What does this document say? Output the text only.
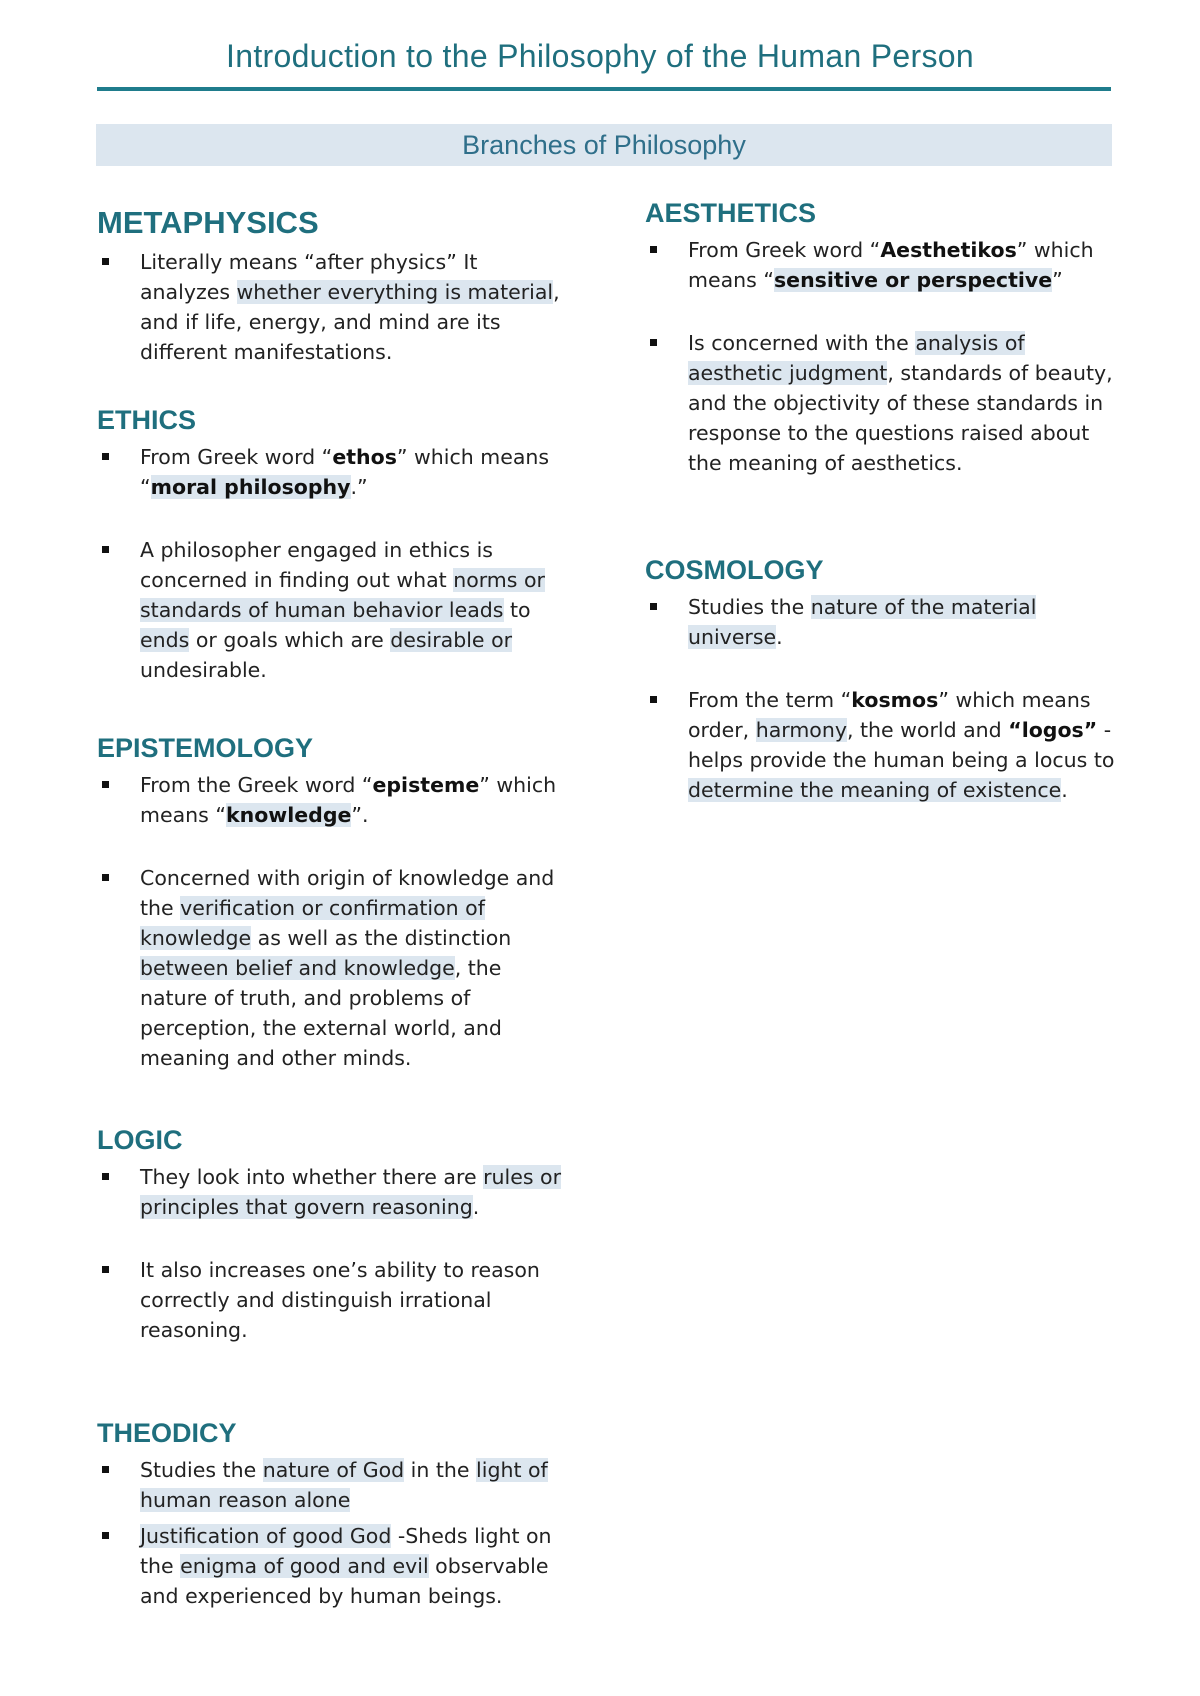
Introduction to the Philosophy of the Human Person
Branches of Philosophy
METAPHYSICS
Literally means “after physics” It analyzes whether everything is material, and if life, energy, and mind are its different manifestations.
ETHICS
From Greek word “ethos” which means “moral philosophy.”
A philosopher engaged in ethics is concerned in finding out what norms or standards of human behavior leads to ends or goals which are desirable or undesirable.
EPISTEMOLOGY
From the Greek word “episteme” which means “knowledge”.
Concerned with origin of knowledge and the verification or confirmation of knowledge as well as the distinction between belief and knowledge, the nature of truth, and problems of perception, the external world, and meaning and other minds.
LOGIC
They look into whether there are rules or principles that govern reasoning.
It also increases one’s ability to reason correctly and distinguish irrational reasoning.
THEODICY
Studies the nature of God in the light of human reason alone
Justification of good God -Sheds light on the enigma of good and evil observable and experienced by human beings.
AESTHETICS
From Greek word “Aesthetikos” which means “sensitive or perspective”
Is concerned with the analysis of aesthetic judgment, standards of beauty, and the objectivity of these standards in response to the questions raised about the meaning of aesthetics.
COSMOLOGY
Studies the nature of the material universe.
From the term “kosmos” which means order, harmony, the world and “logos” -helps provide the human being a locus to determine the meaning of existence.
